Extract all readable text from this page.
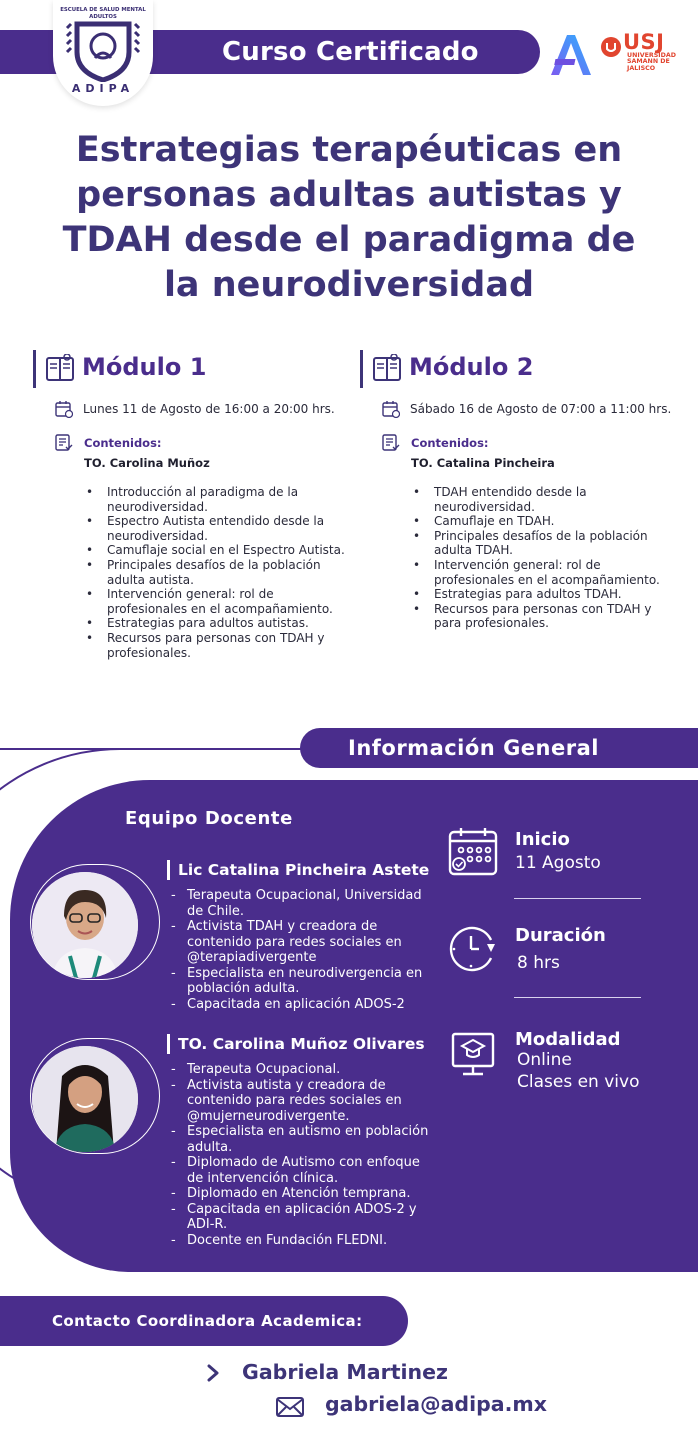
Curso Certificado
ESCUELA DE SALUD MENTAL ADULTOS
ADIPA
USJ
UNIVERSIDAD SAMANN DE JALISCO
Estrategias terapéuticas en personas adultas autistas y TDAH desde el paradigma de la neurodiversidad
Módulo 1
Lunes 11 de Agosto de 16:00 a 20:00 hrs.
Contenidos:
TO. Carolina Muñoz
• Introducción al paradigma de la neurodiversidad.
• Espectro Autista entendido desde la neurodiversidad.
• Camuflaje social en el Espectro Autista.
• Principales desafíos de la población adulta autista.
• Intervención general: rol de profesionales en el acompañamiento.
• Estrategias para adultos autistas.
• Recursos para personas con TDAH y profesionales.
Módulo 2
Sábado 16 de Agosto de 07:00 a 11:00 hrs.
Contenidos:
TO. Catalina Pincheira
• TDAH entendido desde la neurodiversidad.
• Camuflaje en TDAH.
• Principales desafíos de la población adulta TDAH.
• Intervención general: rol de profesionales en el acompañamiento.
• Estrategias para adultos TDAH.
• Recursos para personas con TDAH y para profesionales.
Información General
Equipo Docente
Lic Catalina Pincheira Astete
- Terapeuta Ocupacional, Universidad de Chile.
- Activista TDAH y creadora de contenido para redes sociales en @terapiadivergente
- Especialista en neurodivergencia en población adulta.
- Capacitada en aplicación ADOS-2
TO. Carolina Muñoz Olivares
- Terapeuta Ocupacional.
- Activista autista y creadora de contenido para redes sociales en @mujerneurodivergente.
- Especialista en autismo en población adulta.
- Diplomado de Autismo con enfoque de intervención clínica.
- Diplomado en Atención temprana.
- Capacitada en aplicación ADOS-2 y ADI-R.
- Docente en Fundación FLEDNI.
Inicio
11 Agosto
Duración
8 hrs
Modalidad
Online
Clases en vivo
Contacto Coordinadora Academica:
Gabriela Martinez
gabriela@adipa.mx
